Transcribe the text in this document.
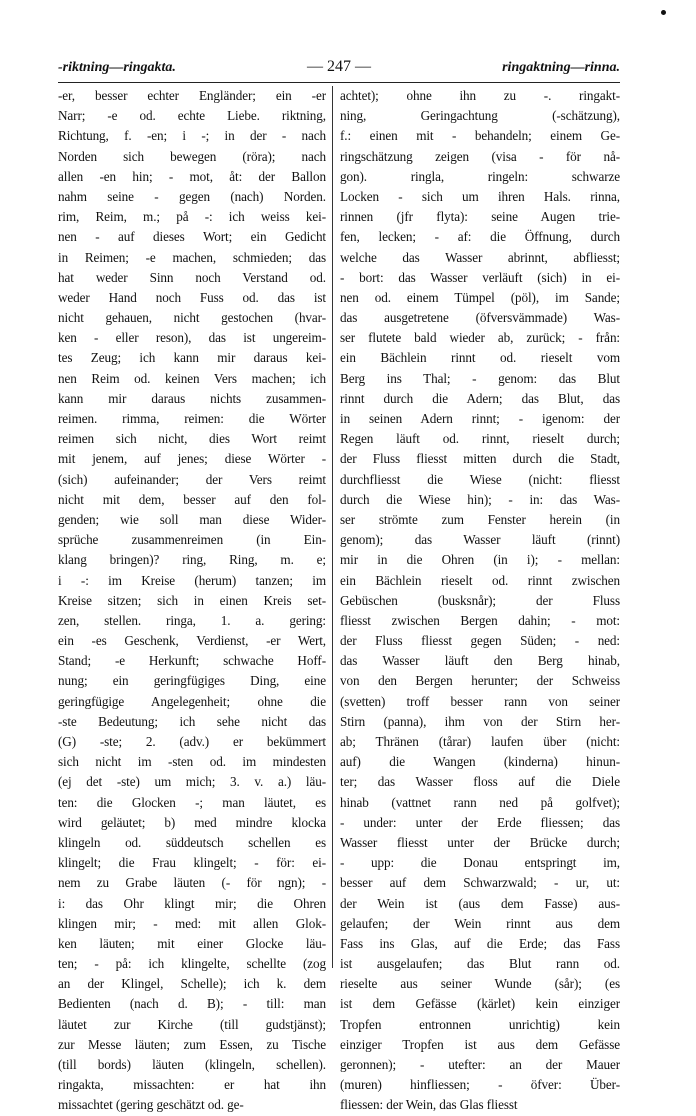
-riktning—ringakta.	— 247 —	ringaktning—rinna.
-er, besser echter Engländer; ein -er
Narr; -e od. echte Liebe. riktning,
Richtung, f. -en; i -; in der - nach
Norden sich bewegen (röra); nach
allen -en hin; - mot, åt: der Ballon
nahm seine - gegen (nach) Norden.
rim, Reim, m.; på -: ich weiss kei-
nen - auf dieses Wort; ein Gedicht
in Reimen; -e machen, schmieden; das
hat weder Sinn noch Verstand od.
weder Hand noch Fuss od. das ist
nicht gehauen, nicht gestochen (hvar-
ken - eller reson), das ist ungereim-
tes Zeug; ich kann mir daraus kei-
nen Reim od. keinen Vers machen; ich
kann mir daraus nichts zusammen-
reimen. rimma, reimen: die Wörter
reimen sich nicht, dies Wort reimt
mit jenem, auf jenes; diese Wörter -
(sich) aufeinander; der Vers reimt
nicht mit dem, besser auf den fol-
genden; wie soll man diese Wider-
sprüche zusammenreimen (in Ein-
klang bringen)? ring, Ring, m. e;
i -: im Kreise (herum) tanzen; im
Kreise sitzen; sich in einen Kreis set-
zen, stellen. ringa, 1. a. gering:
ein -es Geschenk, Verdienst, -er Wert,
Stand; -e Herkunft; schwache Hoff-
nung; ein geringfügiges Ding, eine
geringfügige Angelegenheit; ohne die
-ste Bedeutung; ich sehe nicht das
(G) -ste; 2. (adv.) er bekümmert
sich nicht im -sten od. im mindesten
(ej det -ste) um mich; 3. v. a.) läu-
ten: die Glocken -; man läutet, es
wird geläutet; b) med mindre klocka
klingeln od. süddeutsch schellen es
klingelt; die Frau klingelt; - för: ei-
nem zu Grabe läuten (- för ngn); -
i: das Ohr klingt mir; die Ohren
klingen mir; - med: mit allen Glok-
ken läuten; mit einer Glocke läu-
ten; - på: ich klingelte, schellte (zog
an der Klingel, Schelle); ich k. dem
Bedienten (nach d. B); - till: man
läutet zur Kirche (till gudstjänst);
zur Messe läuten; zum Essen, zu Tische
(till bords) läuten (klingeln, schellen).
ringakta, missachten: er hat ihn
missachtet (gering geschätzt od. ge-
achtet); ohne ihn zu -. ringakt-
ning, Geringachtung (-schätzung),
f.: einen mit - behandeln; einem Ge-
ringschätzung zeigen (visa - för nå-
gon). ringla, ringeln: schwarze
Locken - sich um ihren Hals. rinna,
rinnen (jfr flyta): seine Augen trie-
fen, lecken; - af: die Öffnung, durch
welche das Wasser abrinnt, abfliesst;
- bort: das Wasser verläuft (sich) in ei-
nen od. einem Tümpel (pöl), im Sande;
das ausgetretene (öfversvämmade) Was-
ser flutete bald wieder ab, zurück; - från:
ein Bächlein rinnt od. rieselt vom
Berg ins Thal; - genom: das Blut
rinnt durch die Adern; das Blut, das
in seinen Adern rinnt; - igenom: der
Regen läuft od. rinnt, rieselt durch;
der Fluss fliesst mitten durch die Stadt,
durchfliesst die Wiese (nicht: fliesst
durch die Wiese hin); - in: das Was-
ser strömte zum Fenster herein (in
genom); das Wasser läuft (rinnt)
mir in die Ohren (in i); - mellan:
ein Bächlein rieselt od. rinnt zwischen
Gebüschen (busksnår); der Fluss
fliesst zwischen Bergen dahin; - mot:
der Fluss fliesst gegen Süden; - ned:
das Wasser läuft den Berg hinab,
von den Bergen herunter; der Schweiss
(svetten) troff besser rann von seiner
Stirn (panna), ihm von der Stirn her-
ab; Thränen (tårar) laufen über (nicht:
auf) die Wangen (kinderna) hinun-
ter; das Wasser floss auf die Diele
hinab (vattnet rann ned på golfvet);
- under: unter der Erde fliessen; das
Wasser fliesst unter der Brücke durch;
- upp: die Donau entspringt im,
besser auf dem Schwarzwald; - ur, ut:
der Wein ist (aus dem Fasse) aus-
gelaufen; der Wein rinnt aus dem
Fass ins Glas, auf die Erde; das Fass
ist ausgelaufen; das Blut rann od.
rieselte aus seiner Wunde (sår); (es
ist dem Gefässe (kärlet) kein einziger
Tropfen entronnen unrichtig) kein
einziger Tropfen ist aus dem Gefässe
geronnen); - utefter: an der Mauer
(muren) hinfliessen; - öfver: Über-
fliessen: der Wein, das Glas fliesst
